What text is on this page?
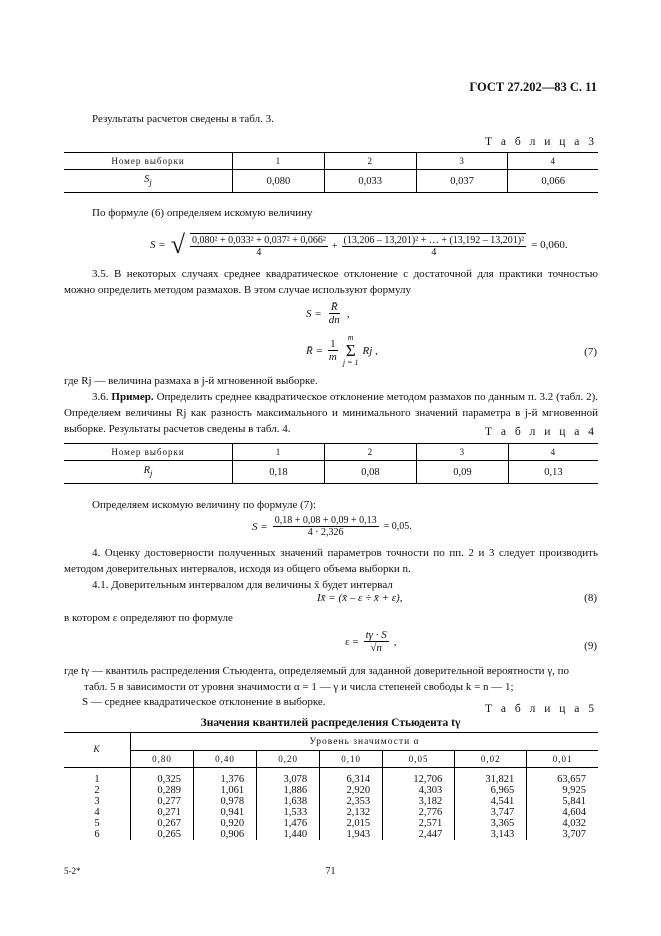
ГОСТ 27.202—83 С. 11
Результаты расчетов сведены в табл. 3.
Т а б л и ц а 3
Номер выборки	1	2	3	4
$S_j$	0,080	0,033	0,037	0,066
По формуле (6) определяем искомую величину
S = √ $\frac{\text{0,080² + 0,033² + 0,037² + 0,066²}}{4} + \frac{\text{(13,206 – 13,201)² + … + (13,192 – 13,201)²}}{4} = 0,060$.
3.5. В некоторых случаях среднее квадратическое отклонение с достаточной для практики точностью можно определить методом размахов. В этом случае используют формулу
$S = \frac{R̄}{dn}$ ,
R̄ = $\frac{1}{m}$
m
Σ
j = 1
Rj ,	(7)
где Rj — величина размаха в j-й мгновенной выборке.
3.6. Пример. Определить среднее квадратическое отклонение методом размахов по данным п. 3.2 (табл. 2). Определяем величины Rj как разность максимального и минимального значений параметра в j-й мгновенной выборке. Результаты расчетов сведены в табл. 4.	Т а б л и ц а 4
Номер выборки	1	2	3	4
$R_j$	0,18	0,08	0,09	0,13
Определяем искомую величину по формуле (7):
$S = \frac{0,18 + 0,08 + 0,09 + 0,13}{4 \cdot 2,326} = 0,05$.
4. Оценку достоверности полученных значений параметров точности по пп. 2 и 3 следует производить методом доверительных интервалов, исходя из общего объема выборки n.
4.1. Доверительным интервалом для величины x̄ будет интервал
Ix̄ = (x̄ – ε ÷ x̄ + ε),	(8)
в котором ε определяют по формуле
$\varepsilon = \frac{t\gamma \cdot S}{√n}$ ,	(9)
где tγ — квантиль распределения Стьюдента, определяемый для заданной доверительной вероятности γ, по
табл. 5 в зависимости от уровня значимости α = 1 — γ и числа степеней свободы k = n — 1;
S — среднее квадратическое отклонение в выборке.
Т а б л и ц а 5
Значения квантилей распределения Стьюдента tγ
K	Уровень значимости α						
	0,80	0,40	0,20	0,10	0,05	0,02	0,01

1	0,325	1,376	3,078	6,314	12,706	31,821	63,657
2	0,289	1,061	1,886	2,920	4,303	6,965	9,925
3	0,277	0,978	1,638	2,353	3,182	4,541	5,841
4	0,271	0,941	1,533	2,132	2,776	3,747	4,604
5	0,267	0,920	1,476	2,015	2,571	3,365	4,032
6	0,265	0,906	1,440	1,943	2,447	3,143	3,707
5-2*	71
